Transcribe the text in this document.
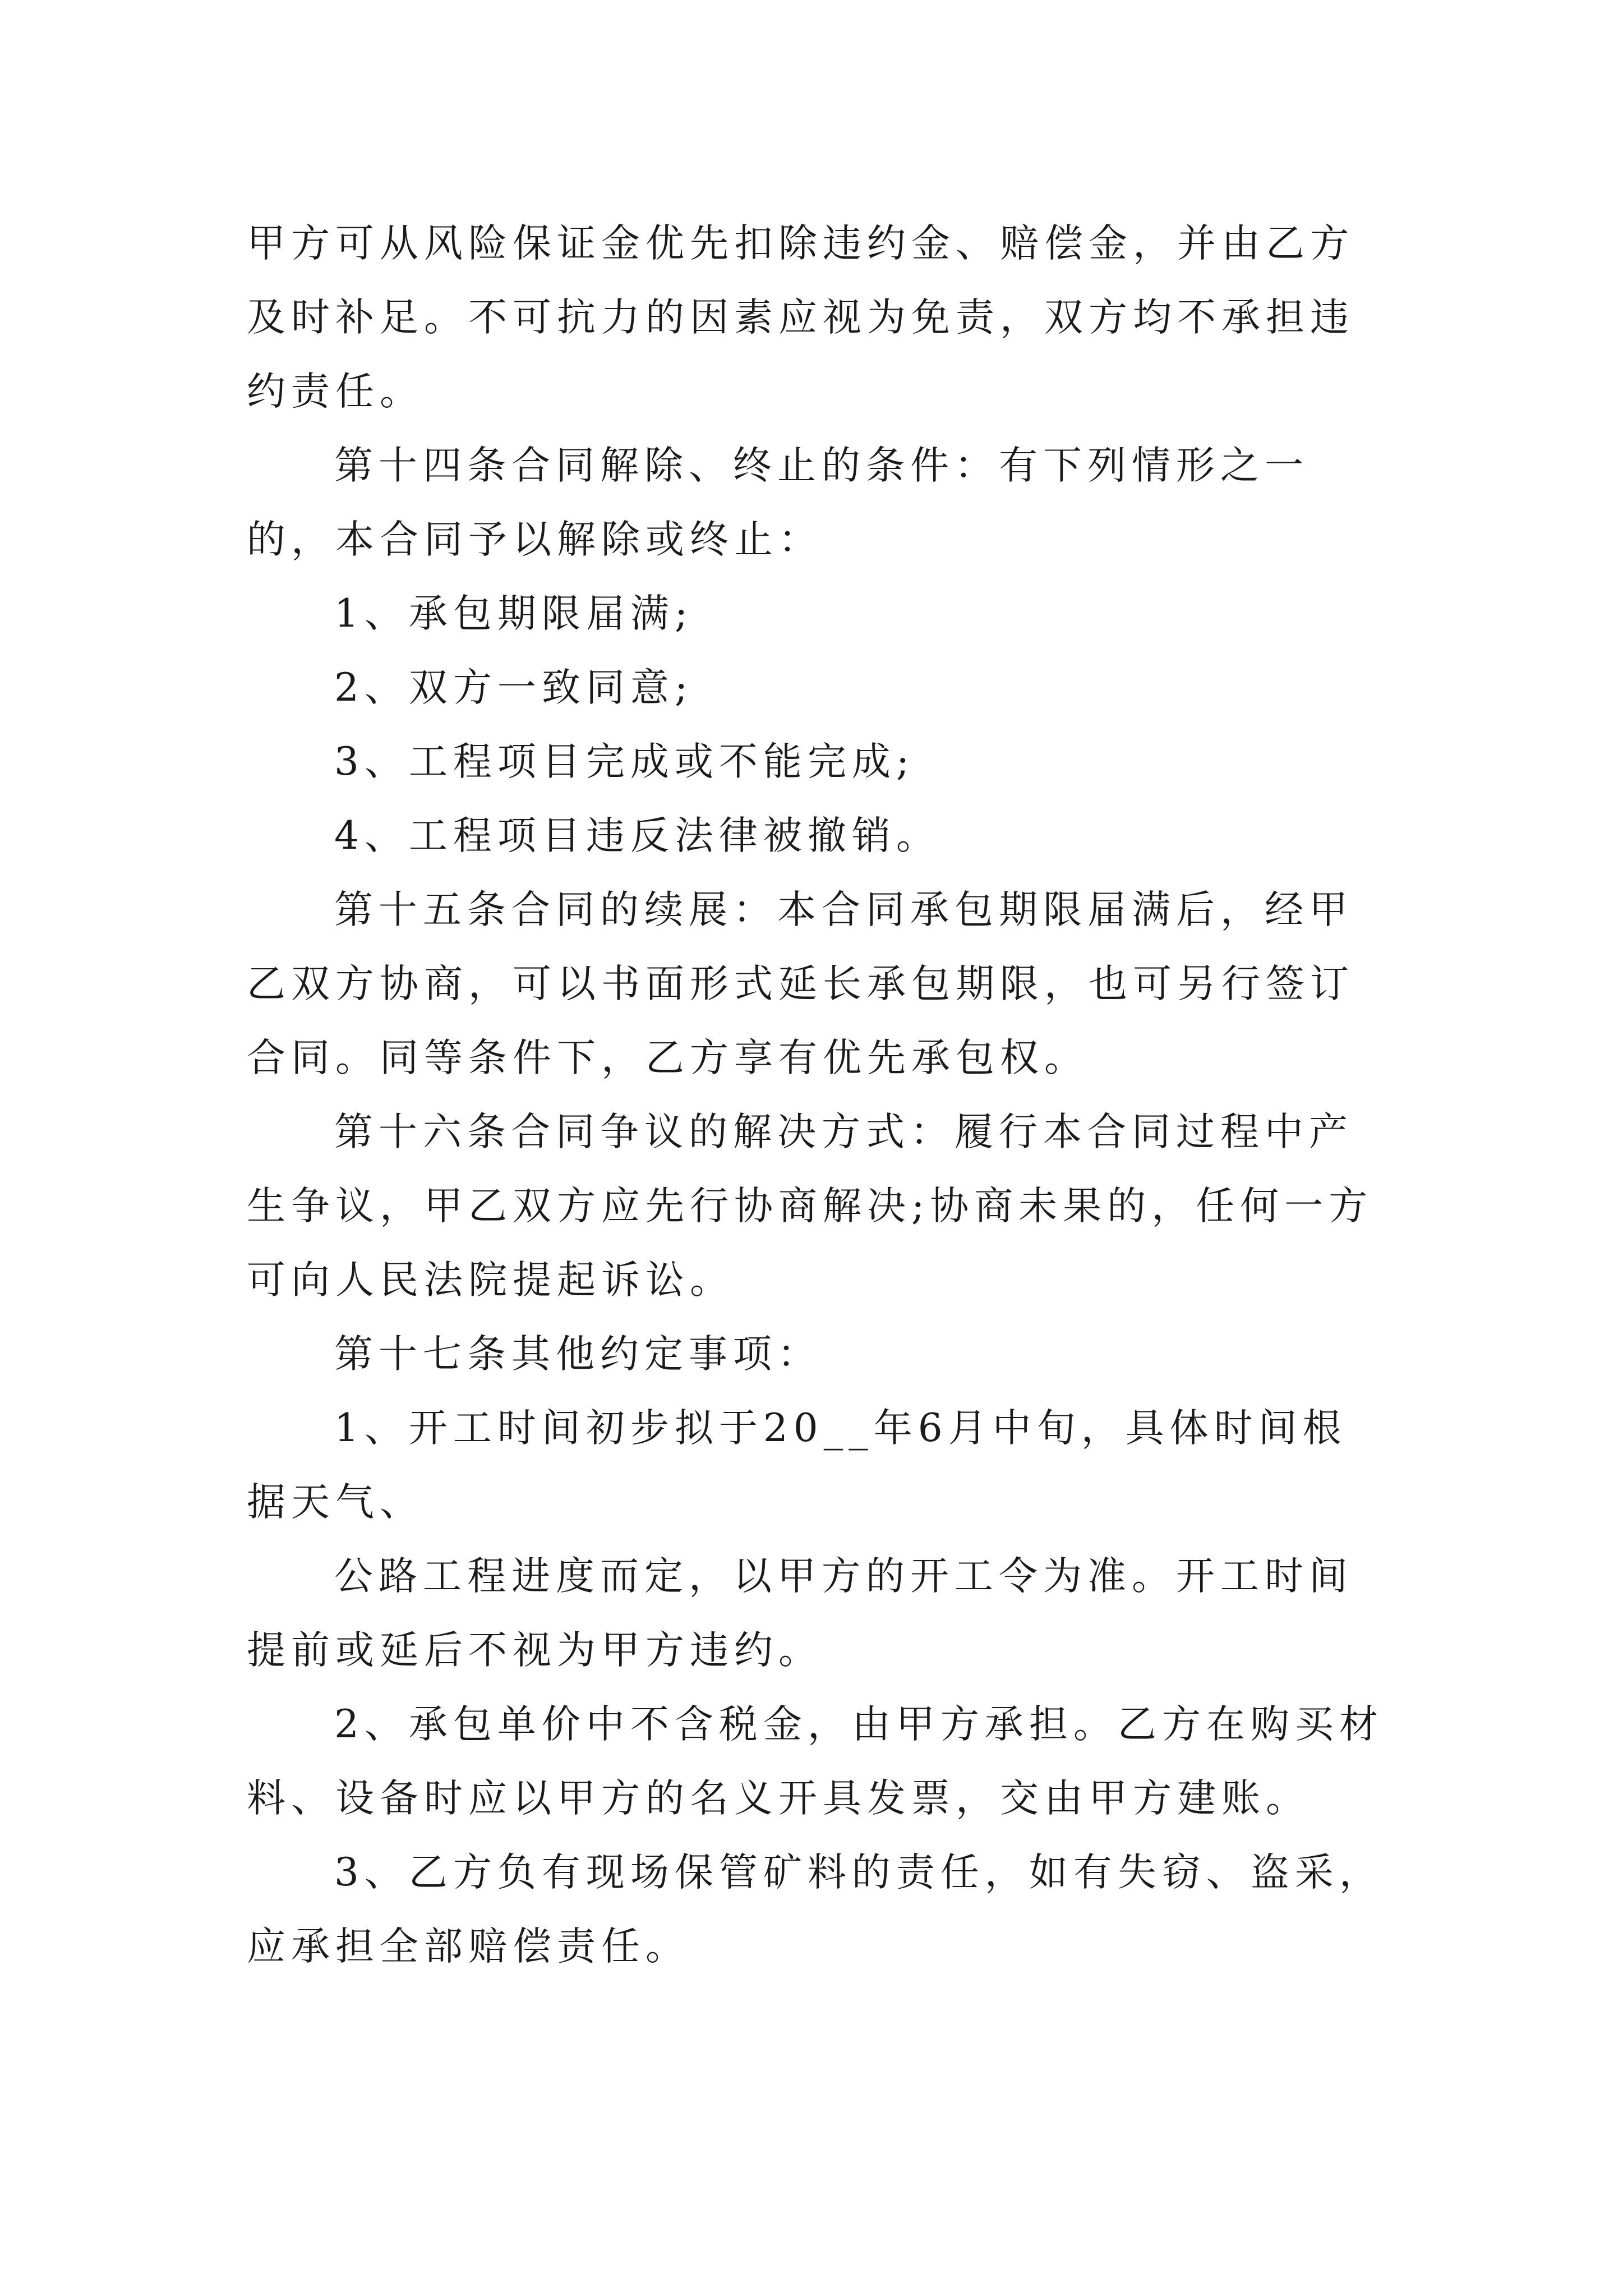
甲方可从风险保证金优先扣除违约金、赔偿金，并由乙方及时补足。不可抗力的因素应视为免责，双方均不承担违约责任。

第十四条合同解除、终止的条件：有下列情形之一的，本合同予以解除或终止：

1、承包期限届满;

2、双方一致同意;

3、工程项目完成或不能完成;

4、工程项目违反法律被撤销。

第十五条合同的续展：本合同承包期限届满后，经甲乙双方协商，可以书面形式延长承包期限，也可另行签订合同。同等条件下，乙方享有优先承包权。

第十六条合同争议的解决方式：履行本合同过程中产生争议，甲乙双方应先行协商解决;协商未果的，任何一方可向人民法院提起诉讼。

第十七条其他约定事项：

1、开工时间初步拟于20__年6月中旬，具体时间根据天气、

公路工程进度而定，以甲方的开工令为准。开工时间提前或延后不视为甲方违约。

2、承包单价中不含税金，由甲方承担。乙方在购买材料、设备时应以甲方的名义开具发票，交由甲方建账。

3、乙方负有现场保管矿料的责任，如有失窃、盗采，应承担全部赔偿责任。
